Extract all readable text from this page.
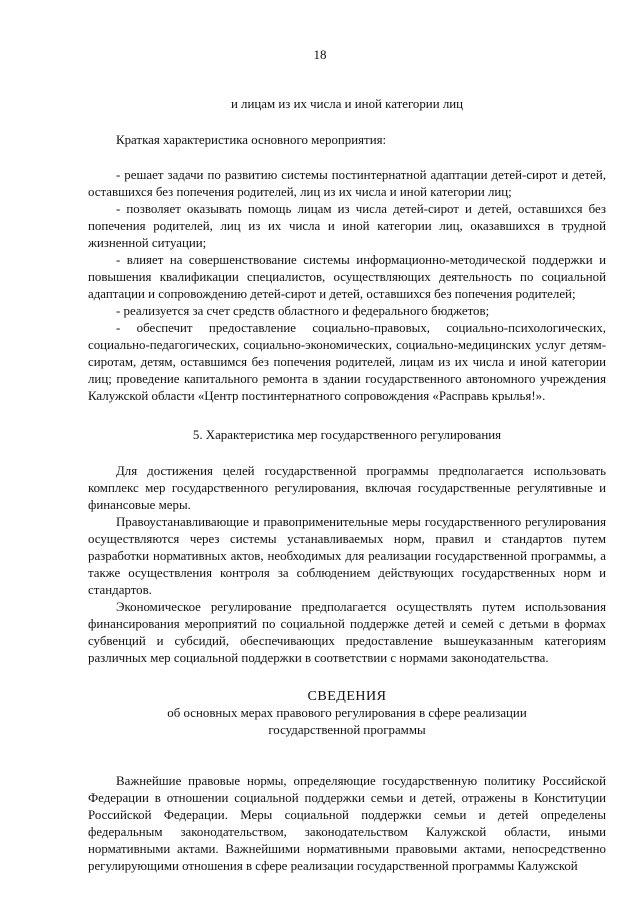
18

и лицам из их числа и иной категории лиц

Краткая характеристика основного мероприятия:

- решает задачи по развитию системы постинтернатной адаптации детей-сирот и детей, оставшихся без попечения родителей, лиц из их числа и иной категории лиц;

- позволяет оказывать помощь лицам из числа детей-сирот и детей, оставшихся без попечения родителей, лиц из их числа и иной категории лиц, оказавшихся в трудной жизненной ситуации;

- влияет на совершенствование системы информационно-методической поддержки и повышения квалификации специалистов, осуществляющих деятельность по социальной адаптации и сопровождению детей-сирот и детей, оставшихся без попечения родителей;

- реализуется за счет средств областного и федерального бюджетов;

- обеспечит предоставление социально-правовых, социально-психологических, социально-педагогических, социально-экономических, социально-медицинских услуг детям-сиротам, детям, оставшимся без попечения родителей, лицам из их числа и иной категории лиц; проведение капитального ремонта в здании государственного автономного учреждения Калужской области «Центр постинтернатного сопровождения «Расправь крылья!».

5. Характеристика мер государственного регулирования

Для достижения целей государственной программы предполагается использовать комплекс мер государственного регулирования, включая государственные регулятивные и финансовые меры.

Правоустанавливающие и правоприменительные меры государственного регулирования осуществляются через системы устанавливаемых норм, правил и стандартов путем разработки нормативных актов, необходимых для реализации государственной программы, а также осуществления контроля за соблюдением действующих государственных норм и стандартов.

Экономическое регулирование предполагается осуществлять путем использования финансирования мероприятий по социальной поддержке детей и семей с детьми в формах субвенций и субсидий, обеспечивающих предоставление вышеуказанным категориям различных мер социальной поддержки в соответствии с нормами законодательства.

СВЕДЕНИЯ

об основных мерах правового регулирования в сфере реализации

государственной программы

Важнейшие правовые нормы, определяющие государственную политику Российской Федерации в отношении социальной поддержки семьи и детей, отражены в Конституции Российской Федерации. Меры социальной поддержки семьи и детей определены федеральным законодательством, законодательством Калужской области, иными нормативными актами. Важнейшими нормативными правовыми актами, непосредственно регулирующими отношения в сфере реализации государственной программы Калужской
